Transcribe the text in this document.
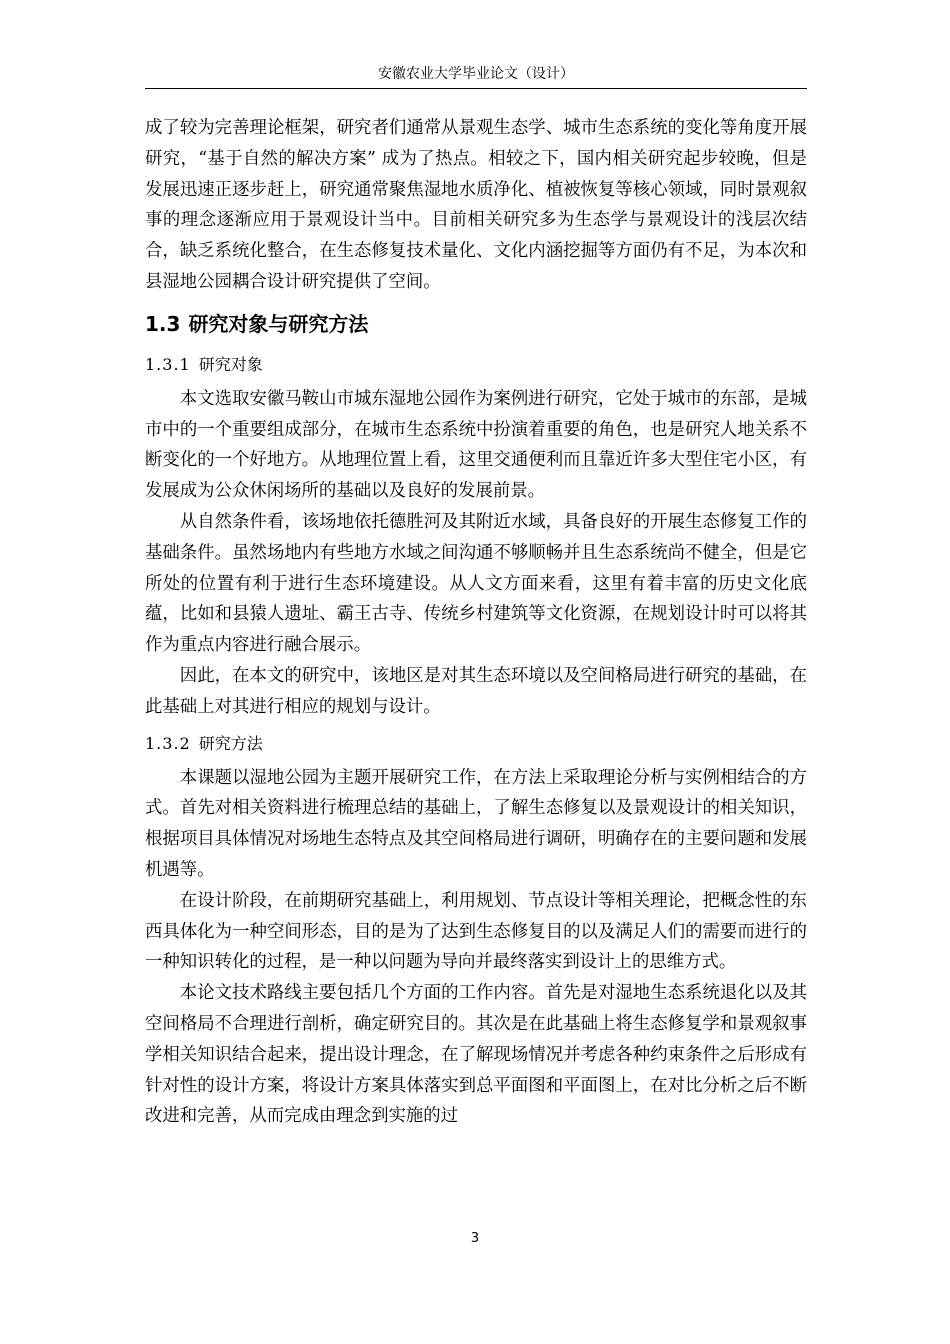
安徽农业大学毕业论文（设计）

成了较为完善理论框架，研究者们通常从景观生态学、城市生态系统的变化等角度开展研究，“基于自然的解决方案” 成为了热点。相较之下，国内相关研究起步较晚，但是发展迅速正逐步赶上，研究通常聚焦湿地水质净化、植被恢复等核心领域，同时景观叙事的理念逐渐应用于景观设计当中。目前相关研究多为生态学与景观设计的浅层次结合，缺乏系统化整合，在生态修复技术量化、文化内涵挖掘等方面仍有不足，为本次和县湿地公园耦合设计研究提供了空间。

1.3 研究对象与研究方法
1.3.1 研究对象

本文选取安徽马鞍山市城东湿地公园作为案例进行研究，它处于城市的东部，是城市中的一个重要组成部分，在城市生态系统中扮演着重要的角色，也是研究人地关系不断变化的一个好地方。从地理位置上看，这里交通便利而且靠近许多大型住宅小区，有发展成为公众休闲场所的基础以及良好的发展前景。

从自然条件看，该场地依托德胜河及其附近水域，具备良好的开展生态修复工作的基础条件。虽然场地内有些地方水域之间沟通不够顺畅并且生态系统尚不健全，但是它所处的位置有利于进行生态环境建设。从人文方面来看，这里有着丰富的历史文化底蕴，比如和县猿人遗址、霸王古寺、传统乡村建筑等文化资源，在规划设计时可以将其作为重点内容进行融合展示。

因此，在本文的研究中，该地区是对其生态环境以及空间格局进行研究的基础，在此基础上对其进行相应的规划与设计。

1.3.2 研究方法

本课题以湿地公园为主题开展研究工作，在方法上采取理论分析与实例相结合的方式。首先对相关资料进行梳理总结的基础上，了解生态修复以及景观设计的相关知识，根据项目具体情况对场地生态特点及其空间格局进行调研，明确存在的主要问题和发展机遇等。

在设计阶段，在前期研究基础上，利用规划、节点设计等相关理论，把概念性的东西具体化为一种空间形态，目的是为了达到生态修复目的以及满足人们的需要而进行的一种知识转化的过程，是一种以问题为导向并最终落实到设计上的思维方式。

本论文技术路线主要包括几个方面的工作内容。首先是对湿地生态系统退化以及其空间格局不合理进行剖析，确定研究目的。其次是在此基础上将生态修复学和景观叙事学相关知识结合起来，提出设计理念，在了解现场情况并考虑各种约束条件之后形成有针对性的设计方案，将设计方案具体落实到总平面图和平面图上，在对比分析之后不断改进和完善，从而完成由理念到实施的过

3
